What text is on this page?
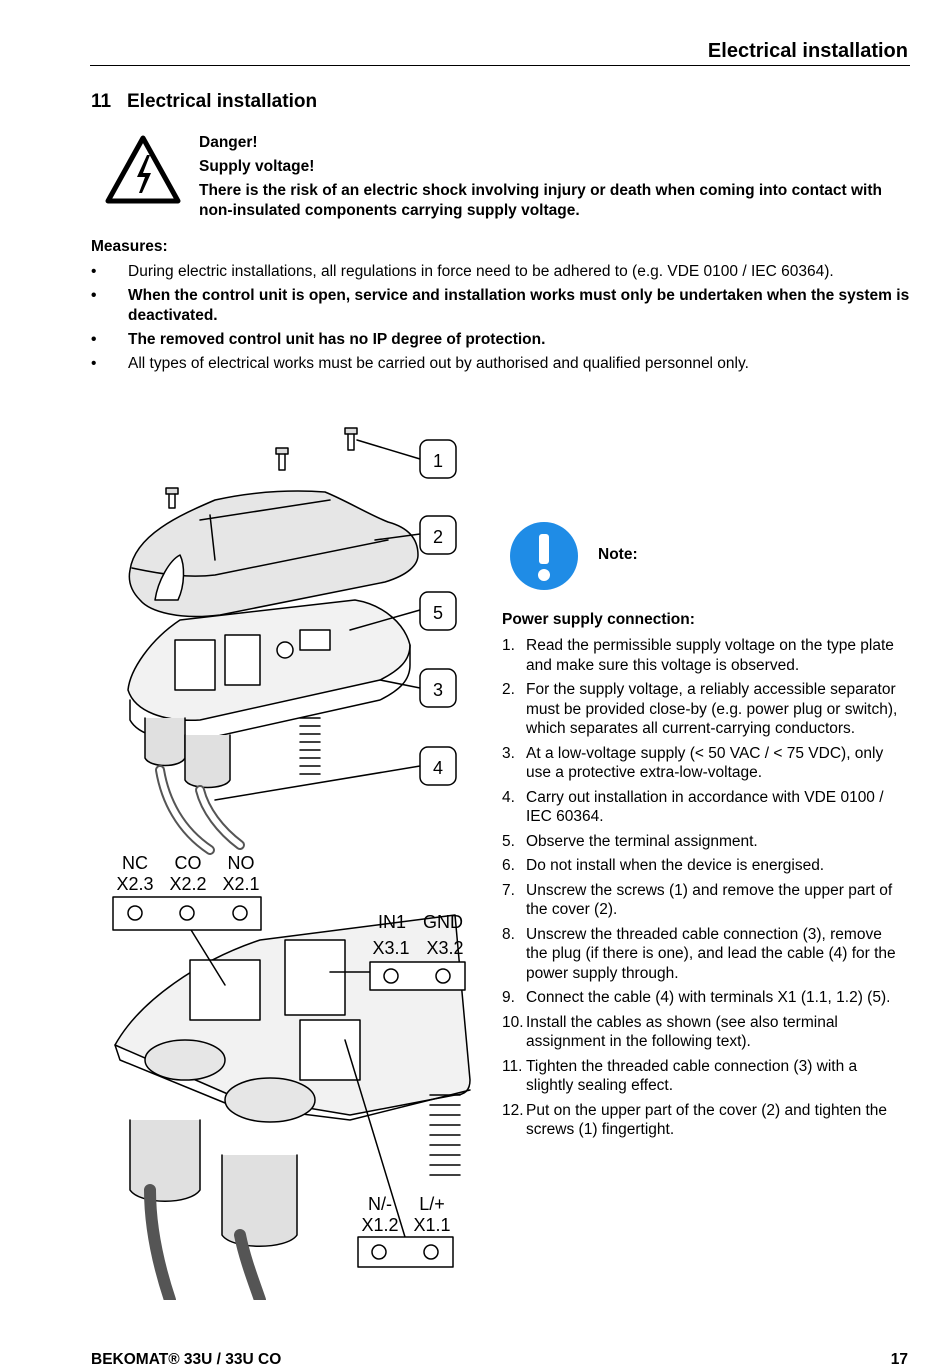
Electrical installation
11 Electrical installation
Danger!
Supply voltage!
There is the risk of an electric shock involving injury or death when coming into contact with non-insulated components carrying supply voltage.
Measures:
• During electric installations, all regulations in force need to be adhered to (e.g. VDE 0100 / IEC 60364).
• When the control unit is open, service and installation works must only be undertaken when the system is deactivated.
• The removed control unit has no IP degree of protection.
• All types of electrical works must be carried out by authorised and qualified personnel only.
1
2
5
3
4
NC CO NO
X2.3 X2.2 X2.1
IN1 GND
X3.1 X3.2
N/- L/+
X1.2 X1.1
Note:
Power supply connection:
1. Read the permissible supply voltage on the type plate and make sure this voltage is observed.
2. For the supply voltage, a reliably accessible separator must be provided close-by (e.g. power plug or switch), which separates all current-carrying conductors.
3. At a low-voltage supply (< 50 VAC / < 75 VDC), only use a protective extra-low-voltage.
4. Carry out installation in accordance with VDE 0100 / IEC 60364.
5. Observe the terminal assignment.
6. Do not install when the device is energised.
7. Unscrew the screws (1) and remove the upper part of the cover (2).
8. Unscrew the threaded cable connection (3), remove the plug (if there is one), and lead the cable (4) for the power supply through.
9. Connect the cable (4) with terminals X1 (1.1, 1.2) (5).
10. Install the cables as shown (see also terminal assignment in the following text).
11. Tighten the threaded cable connection (3) with a slightly sealing effect.
12. Put on the upper part of the cover (2) and tighten the screws (1) fingertight.
BEKOMAT® 33U / 33U CO	17
